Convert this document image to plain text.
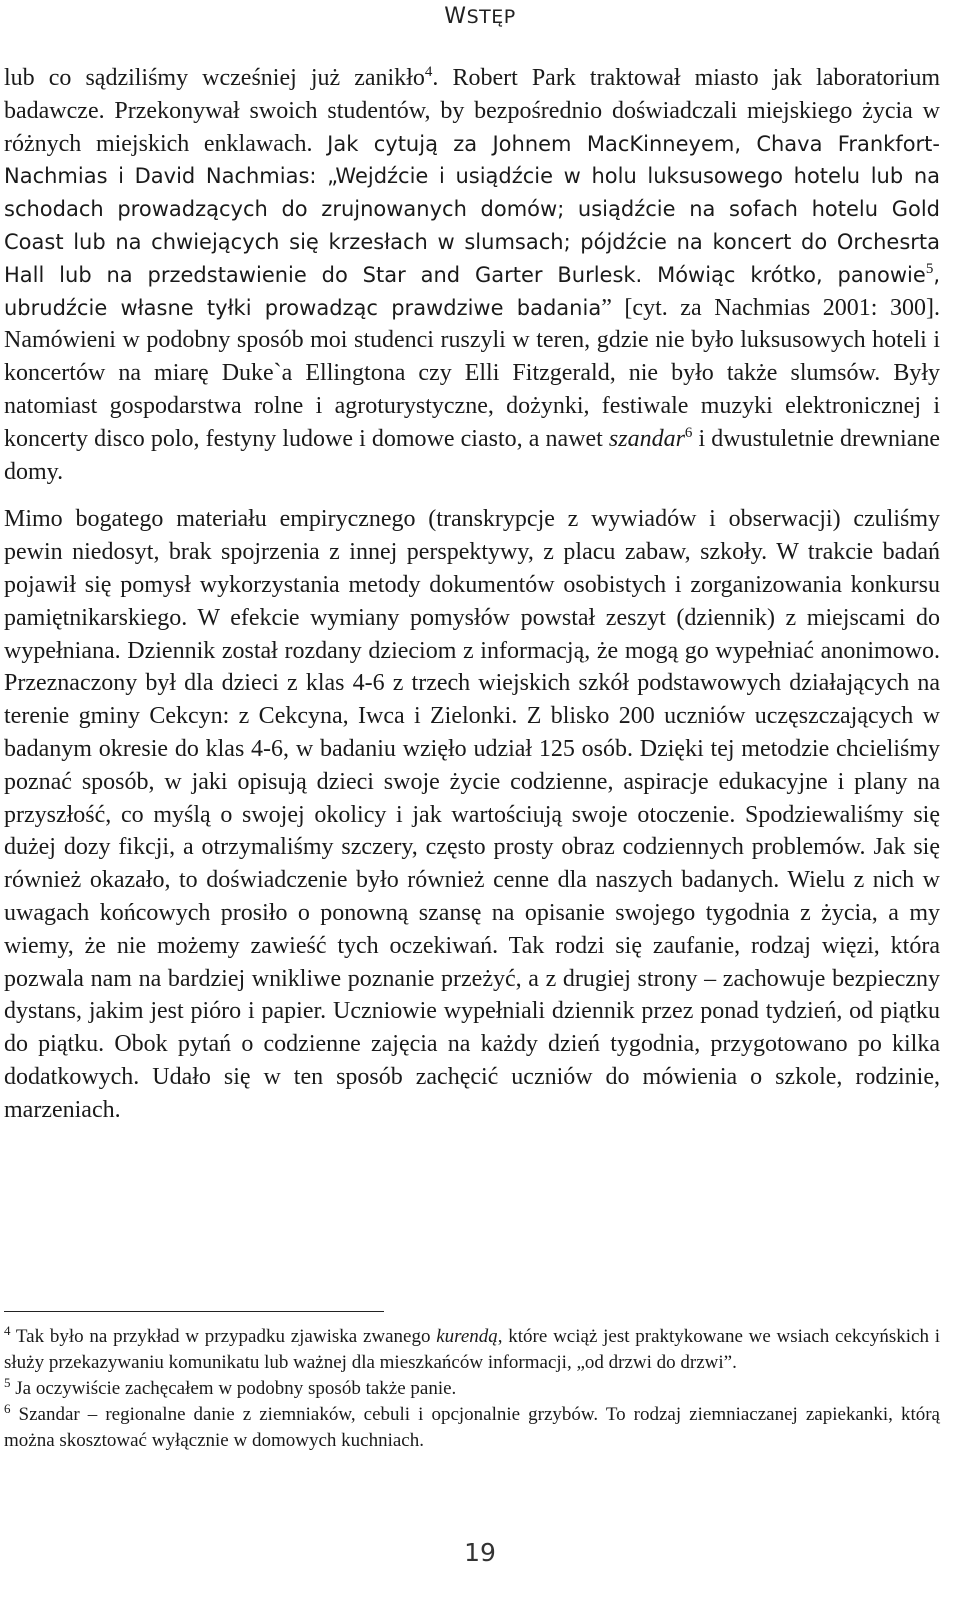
WSTĘP

lub co sądziliśmy wcześniej już zanikło$^4$. Robert Park traktował miasto jak laboratorium badawcze. Przekonywał swoich studentów, by bezpośrednio doświadczali miejskiego życia w różnych miejskich enklawach. Jak cytują za Johnem MacKinneyem, Chava Frankfort-Nachmias i David Nachmias: „Wejdźcie i usiądźcie w holu luksusowego hotelu lub na schodach prowadzących do zrujnowanych domów; usiądźcie na sofach hotelu Gold Coast lub na chwiejących się krzesłach w slumsach; pójdźcie na koncert do Orchesrta Hall lub na przedstawienie do Star and Garter Burlesk. Mówiąc krótko, panowie$^5$, ubrudźcie własne tyłki prowadząc prawdziwe badania” [cyt. za Nachmias 2001: 300]. Namówieni w podobny sposób moi studenci ruszyli w teren, gdzie nie było luksusowych hoteli i koncertów na miarę Duke`a Ellingtona czy Elli Fitzgerald, nie było także slumsów. Były natomiast gospodarstwa rolne i agroturystyczne, dożynki, festiwale muzyki elektronicznej i koncerty disco polo, festyny ludowe i domowe ciasto, a nawet szandar$^6$ i dwustuletnie drewniane domy.

Mimo bogatego materiału empirycznego (transkrypcje z wywiadów i obserwacji) czuliśmy pewin niedosyt, brak spojrzenia z innej perspektywy, z placu zabaw, szkoły. W trakcie badań pojawił się pomysł wykorzystania metody dokumentów osobistych i zorganizowania konkursu pamiętnikarskiego. W efekcie wymiany pomysłów powstał zeszyt (dziennik) z miejscami do wypełniana. Dziennik został rozdany dzieciom z informacją, że mogą go wypełniać anonimowo. Przeznaczony był dla dzieci z klas 4-6 z trzech wiejskich szkół podstawowych działających na terenie gminy Cekcyn: z Cekcyna, Iwca i Zielonki. Z blisko 200 uczniów uczęszczających w badanym okresie do klas 4-6, w badaniu wzięło udział 125 osób. Dzięki tej metodzie chcieliśmy poznać sposób, w jaki opisują dzieci swoje życie codzienne, aspiracje edukacyjne i plany na przyszłość, co myślą o swojej okolicy i jak wartościują swoje otoczenie. Spodziewaliśmy się dużej dozy fikcji, a otrzymaliśmy szczery, często prosty obraz codziennych problemów. Jak się również okazało, to doświadczenie było również cenne dla naszych badanych. Wielu z nich w uwagach końcowych prosiło o ponowną szansę na opisanie swojego tygodnia z życia, a my wiemy, że nie możemy zawieść tych oczekiwań. Tak rodzi się zaufanie, rodzaj więzi, która pozwala nam na bardziej wnikliwe poznanie przeżyć, a z drugiej strony – zachowuje bezpieczny dystans, jakim jest pióro i papier. Uczniowie wypełniali dziennik przez ponad tydzień, od piątku do piątku. Obok pytań o codzienne zajęcia na każdy dzień tygodnia, przygotowano po kilka dodatkowych. Udało się w ten sposób zachęcić uczniów do mówienia o szkole, rodzinie, marzeniach.

$^4$ Tak było na przykład w przypadku zjawiska zwanego kurendą, które wciąż jest praktykowane we wsiach cekcyńskich i służy przekazywaniu komunikatu lub ważnej dla mieszkańców informacji, „od drzwi do drzwi”.

$^5$ Ja oczywiście zachęcałem w podobny sposób także panie.

$^6$ Szandar – regionalne danie z ziemniaków, cebuli i opcjonalnie grzybów. To rodzaj ziemniaczanej zapiekanki, którą można skosztować wyłącznie w domowych kuchniach.

19
